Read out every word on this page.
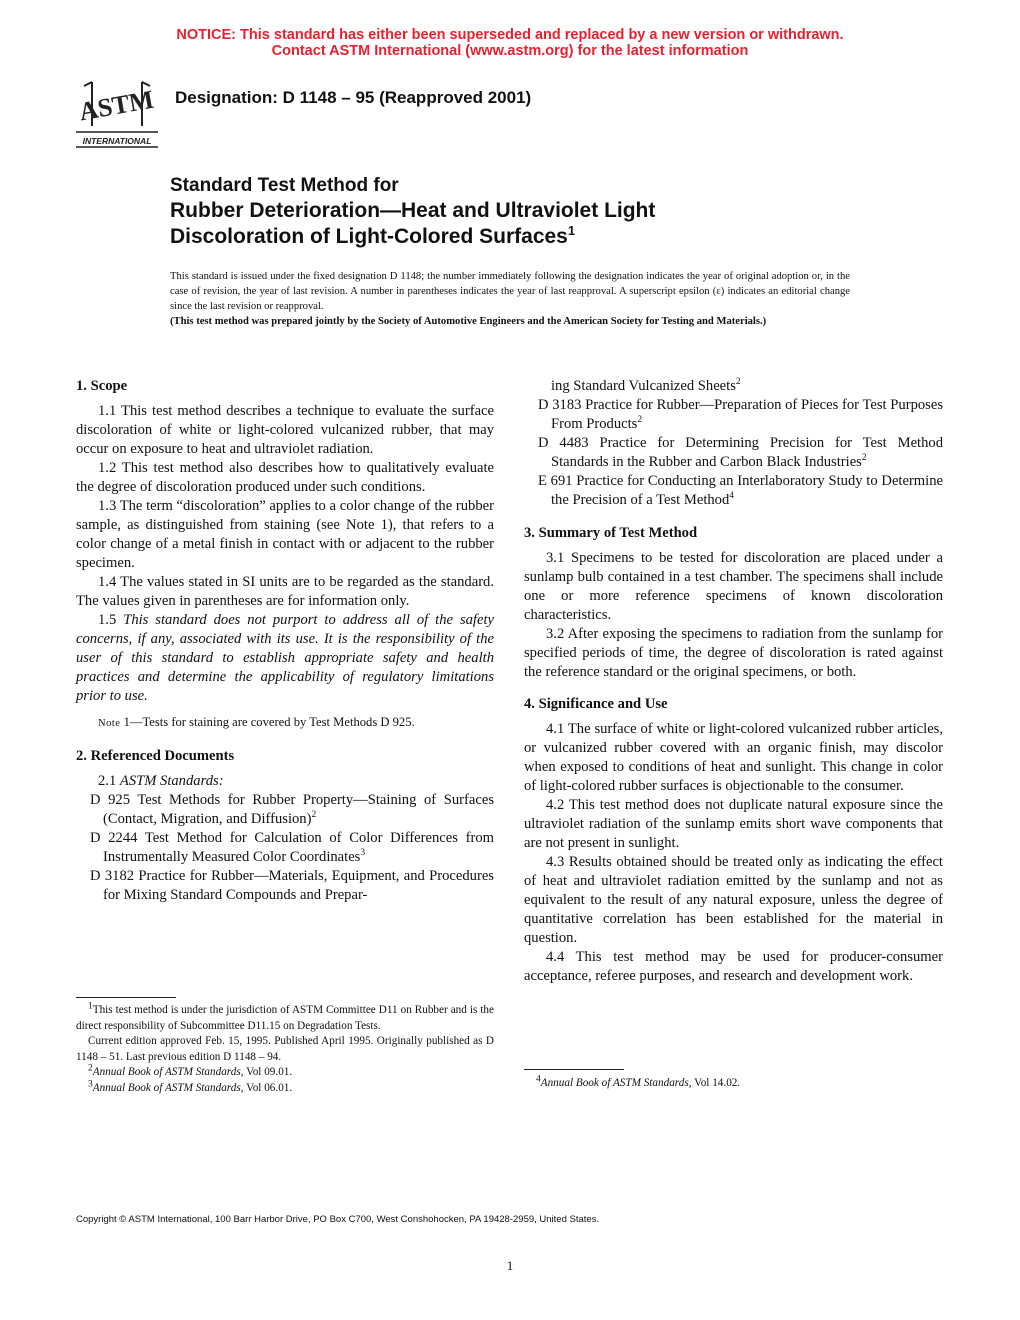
NOTICE: This standard has either been superseded and replaced by a new version or withdrawn.
Contact ASTM International (www.astm.org) for the latest information
ASTM
INTERNATIONAL
Designation: D 1148 – 95 (Reapproved 2001)
Standard Test Method for
Rubber Deterioration—Heat and Ultraviolet Light
Discoloration of Light-Colored Surfaces$^1$
This standard is issued under the fixed designation D 1148; the number immediately following the designation indicates the year of original adoption or, in the case of revision, the year of last revision. A number in parentheses indicates the year of last reapproval. A superscript epsilon (ε) indicates an editorial change since the last revision or reapproval.
(This test method was prepared jointly by the Society of Automotive Engineers and the American Society for Testing and Materials.)
1. Scope

1.1 This test method describes a technique to evaluate the surface discoloration of white or light-colored vulcanized rubber, that may occur on exposure to heat and ultraviolet radiation.

1.2 This test method also describes how to qualitatively evaluate the degree of discoloration produced under such conditions.

1.3 The term “discoloration” applies to a color change of the rubber sample, as distinguished from staining (see Note 1), that refers to a color change of a metal finish in contact with or adjacent to the rubber specimen.

1.4 The values stated in SI units are to be regarded as the standard. The values given in parentheses are for information only.

1.5 This standard does not purport to address all of the safety concerns, if any, associated with its use. It is the responsibility of the user of this standard to establish appropriate safety and health practices and determine the applicability of regulatory limitations prior to use.

Note 1—Tests for staining are covered by Test Methods D 925.

2. Referenced Documents

2.1 ASTM Standards:

D 925 Test Methods for Rubber Property—Staining of Surfaces (Contact, Migration, and Diffusion)$^2$

D 2244 Test Method for Calculation of Color Differences from Instrumentally Measured Color Coordinates$^3$

D 3182 Practice for Rubber—Materials, Equipment, and Procedures for Mixing Standard Compounds and Prepar-

$^1$This test method is under the jurisdiction of ASTM Committee D11 on Rubber and is the direct responsibility of Subcommittee D11.15 on Degradation Tests.

Current edition approved Feb. 15, 1995. Published April 1995. Originally published as D 1148 – 51. Last previous edition D 1148 – 94.

$^2$Annual Book of ASTM Standards, Vol 09.01.

$^3$Annual Book of ASTM Standards, Vol 06.01.

ing Standard Vulcanized Sheets$^2$

D 3183 Practice for Rubber—Preparation of Pieces for Test Purposes From Products$^2$

D 4483 Practice for Determining Precision for Test Method Standards in the Rubber and Carbon Black Industries$^2$

E 691 Practice for Conducting an Interlaboratory Study to Determine the Precision of a Test Method$^4$

3. Summary of Test Method

3.1 Specimens to be tested for discoloration are placed under a sunlamp bulb contained in a test chamber. The specimens shall include one or more reference specimens of known discoloration characteristics.

3.2 After exposing the specimens to radiation from the sunlamp for specified periods of time, the degree of discoloration is rated against the reference standard or the original specimens, or both.

4. Significance and Use

4.1 The surface of white or light-colored vulcanized rubber articles, or vulcanized rubber covered with an organic finish, may discolor when exposed to conditions of heat and sunlight. This change in color of light-colored rubber surfaces is objectionable to the consumer.

4.2 This test method does not duplicate natural exposure since the ultraviolet radiation of the sunlamp emits short wave components that are not present in sunlight.

4.3 Results obtained should be treated only as indicating the effect of heat and ultraviolet radiation emitted by the sunlamp and not as equivalent to the result of any natural exposure, unless the degree of quantitative correlation has been established for the material in question.

4.4 This test method may be used for producer-consumer acceptance, referee purposes, and research and development work.

$^4$Annual Book of ASTM Standards, Vol 14.02.

Copyright © ASTM International, 100 Barr Harbor Drive, PO Box C700, West Conshohocken, PA 19428-2959, United States.
1
